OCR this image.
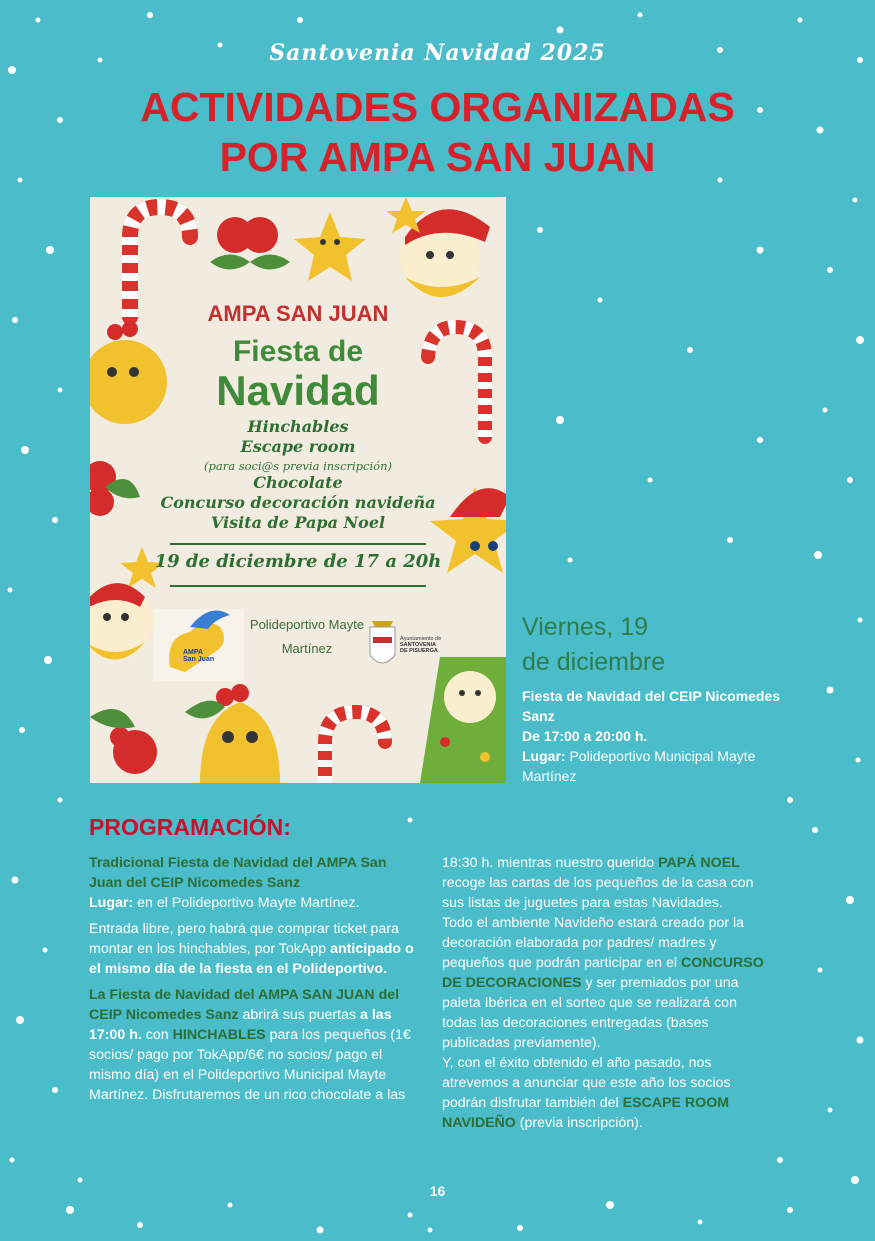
Santovenia Navidad 2025
ACTIVIDADES ORGANIZADAS
POR AMPA SAN JUAN
AMPA SAN JUAN
Fiesta de
Navidad
Hinchables
Escape room
(para soci@s previa inscripción)
Chocolate
Concurso decoración navideña
Visita de Papa Noel
19 de diciembre de 17 a 20h
Polideportivo Mayte
Martínez
AMPA
San Juan
Ayuntamiento de
SANTOVENIA
DE PISUERGA
Viernes, 19
de diciembre
Fiesta de Navidad del CEIP Nicomedes Sanz
De 17:00 a 20:00 h.
Lugar: Polideportivo Municipal Mayte Martínez
PROGRAMACIÓN:

Tradicional Fiesta de Navidad del AMPA San Juan del CEIP Nicomedes Sanz
Lugar: en el Polideportivo Mayte Martínez.

Entrada libre, pero habrá que comprar ticket para montar en los hinchables, por TokApp anticipado o el mismo día de la fiesta en el Polideportivo.

La Fiesta de Navidad del AMPA SAN JUAN del CEIP Nicomedes Sanz abrirá sus puertas a las 17:00 h. con HINCHABLES para los pequeños (1€ socios/ pago por TokApp/6€ no socios/ pago el mismo día) en el Polideportivo Municipal Mayte Martínez. Disfrutaremos de un rico chocolate a las

18:30 h. mientras nuestro querido PAPÁ NOEL recoge las cartas de los pequeños de la casa con sus listas de juguetes para estas Navidades.
Todo el ambiente Navideño estará creado por la decoración elaborada por padres/ madres y pequeños que podrán participar en el CONCURSO DE DECORACIONES y ser premiados por una paleta Ibérica en el sorteo que se realizará con todas las decoraciones entregadas (bases publicadas previamente).
Y, con el éxito obtenido el año pasado, nos atrevemos a anunciar que este año los socios podrán disfrutar también del ESCAPE ROOM NAVIDEÑO (previa inscripción).

16
